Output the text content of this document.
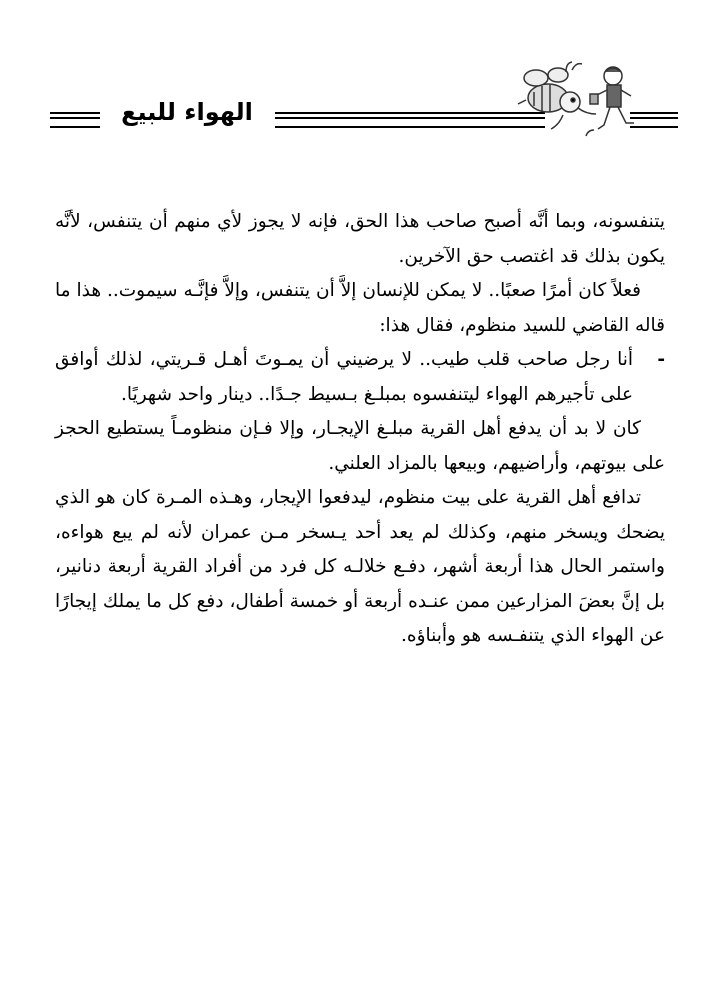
الهواء للبيع

يتنفسونه، وبما أنَّه أصبح صاحب هذا الحق، فإنه لا يجوز لأي منهم أن يتنفس، لأنَّه يكون بذلك قد اغتصب حق الآخرين.

فعلاً كان أمرًا صعبًا.. لا يمكن للإنسان إلاَّ أن يتنفس، وإلاَّ فإنَّـه سيموت.. هذا ما قاله القاضي للسيد منظوم، فقال هذا:

-
أنا رجل صاحب قلب طيب.. لا يرضيني أن يمـوتَ أهـل قـريتي، لذلك أوافق على تأجيرهم الهواء ليتنفسوه بمبلـغ بـسيط جـدًا.. دينار واحد شهريًا.

كان لا بد أن يدفع أهل القرية مبلـغ الإيجـار، وإلا فـإن منظومـاً يستطيع الحجز على بيوتهم، وأراضيهم، وبيعها بالمزاد العلني.

تدافع أهل القرية على بيت منظوم، ليدفعوا الإيجار، وهـذه المـرة كان هو الذي يضحك ويسخر منهم، وكذلك لم يعد أحد يـسخر مـن عمران لأنه لم يبع هواءه، واستمر الحال هذا أربعة أشهر، دفـع خلالـه كل فرد من أفراد القرية أربعة دنانير، بل إنَّ بعضَ المزارعين ممن عنـده أربعة أو خمسة أطفال، دفع كل ما يملك إيجارًا عن الهواء الذي يتنفـسه هو وأبناؤه.
